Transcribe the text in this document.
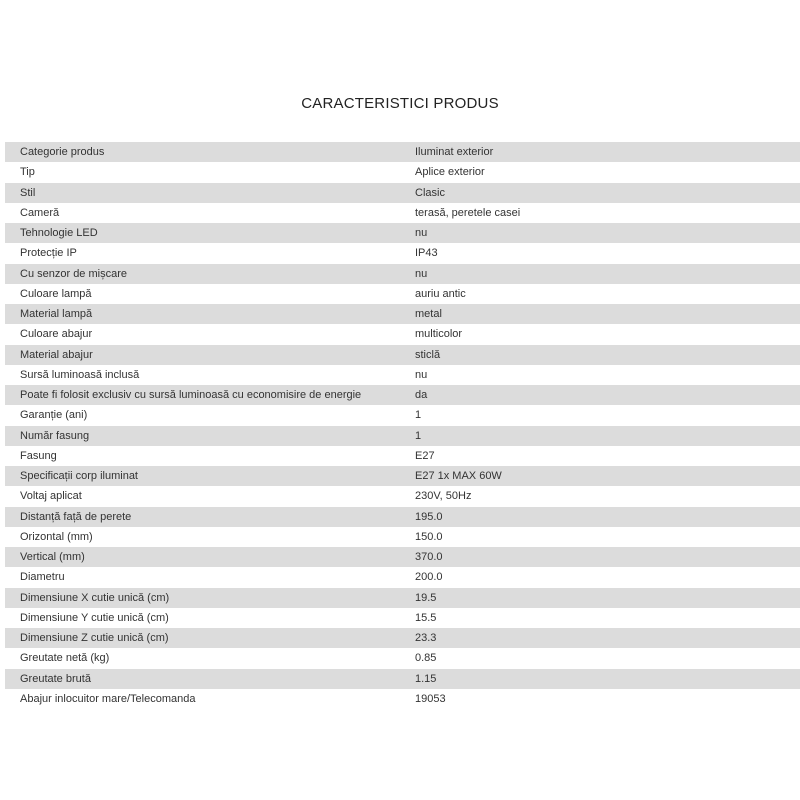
CARACTERISTICI PRODUS
Categorie produs	Iluminat exterior
Tip	Aplice exterior
Stil	Clasic
Cameră	terasă, peretele casei
Tehnologie LED	nu
Protecție IP	IP43
Cu senzor de mișcare	nu
Culoare lampă	auriu antic
Material lampă	metal
Culoare abajur	multicolor
Material abajur	sticlă
Sursă luminoasă inclusă	nu
Poate fi folosit exclusiv cu sursă luminoasă cu economisire de energie	da
Garanție (ani)	1
Număr fasung	1
Fasung	E27
Specificații corp iluminat	E27 1x MAX 60W
Voltaj aplicat	230V, 50Hz
Distanță față de perete	195.0
Orizontal (mm)	150.0
Vertical (mm)	370.0
Diametru	200.0
Dimensiune X cutie unică (cm)	19.5
Dimensiune Y cutie unică (cm)	15.5
Dimensiune Z cutie unică (cm)	23.3
Greutate netă (kg)	0.85
Greutate brută	1.15
Abajur inlocuitor mare/Telecomanda	19053
